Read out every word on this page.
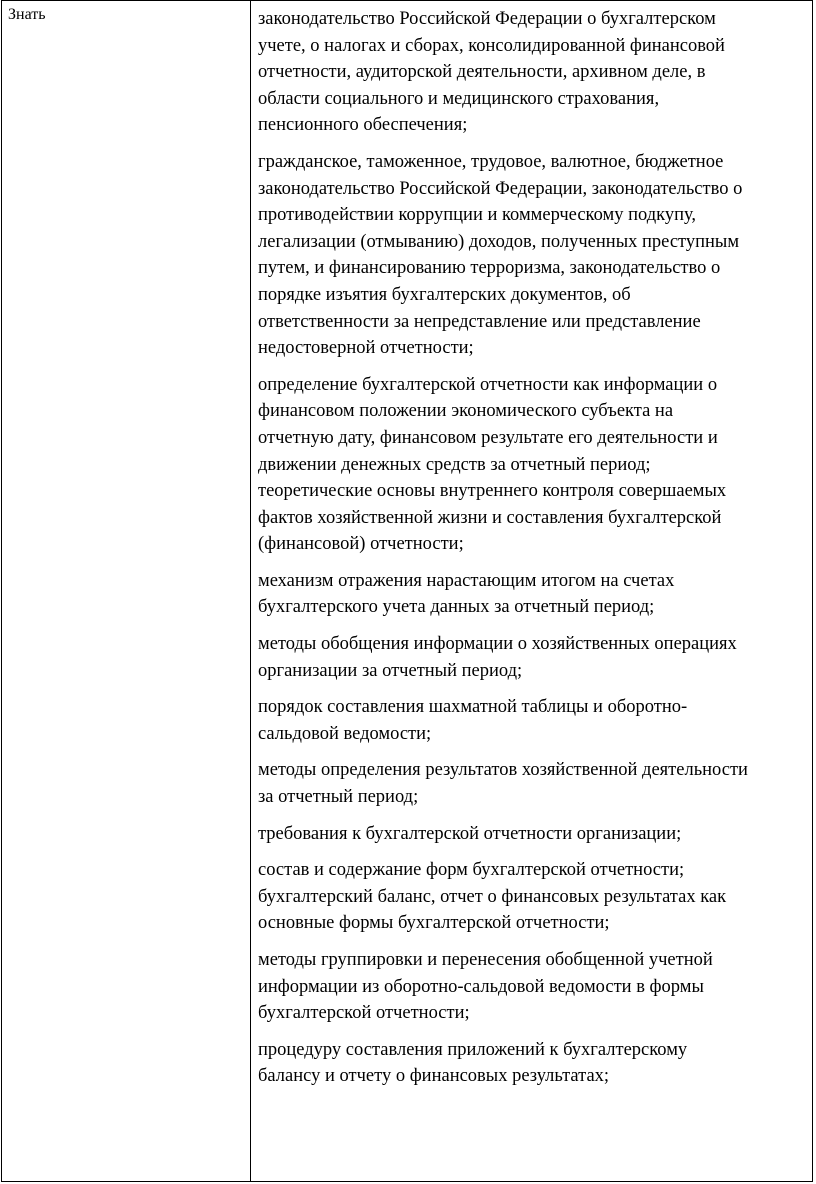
Знать	законодательство Российской Федерации о бухгалтерском
учете, о налогах и сборах, консолидированной финансовой
отчетности, аудиторской деятельности, архивном деле, в
области социального и медицинского страхования,
пенсионного обеспечения;

гражданское, таможенное, трудовое, валютное, бюджетное
законодательство Российской Федерации, законодательство о
противодействии коррупции и коммерческому подкупу,
легализации (отмыванию) доходов, полученных преступным
путем, и финансированию терроризма, законодательство о
порядке изъятия бухгалтерских документов, об
ответственности за непредставление или представление
недостоверной отчетности;

определение бухгалтерской отчетности как информации о
финансовом положении экономического субъекта на
отчетную дату, финансовом результате его деятельности и
движении денежных средств за отчетный период;
теоретические основы внутреннего контроля совершаемых
фактов хозяйственной жизни и составления бухгалтерской
(финансовой) отчетности;

механизм отражения нарастающим итогом на счетах
бухгалтерского учета данных за отчетный период;

методы обобщения информации о хозяйственных операциях
организации за отчетный период;

порядок составления шахматной таблицы и оборотно-
сальдовой ведомости;

методы определения результатов хозяйственной деятельности
за отчетный период;

требования к бухгалтерской отчетности организации;

состав и содержание форм бухгалтерской отчетности;
бухгалтерский баланс, отчет о финансовых результатах как
основные формы бухгалтерской отчетности;

методы группировки и перенесения обобщенной учетной
информации из оборотно-сальдовой ведомости в формы
бухгалтерской отчетности;

процедуру составления приложений к бухгалтерскому
балансу и отчету о финансовых результатах;
